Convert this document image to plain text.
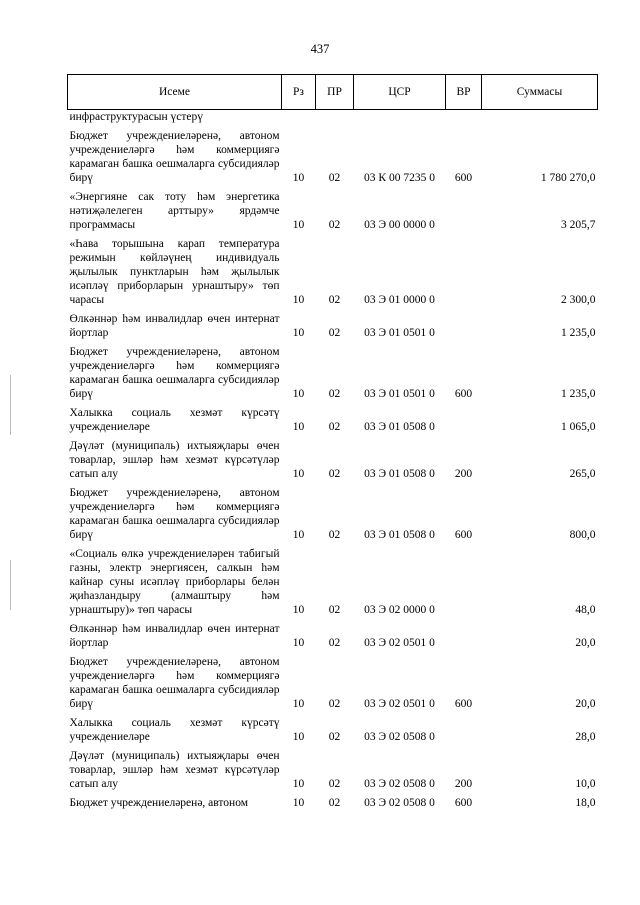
437
Исеме	Рз	ПР	ЦСР	ВР	Суммасы
инфраструктурасын үстерү					
Бюджет учреждениеләренә, автоном учреждениеләргә һәм коммерциягә карамаган башка оешмаларга субсидияләр бирү	10	02	03 К 00 7235 0	600	1 780 270,0
«Энергияне сак тоту һәм энергетика нәтиҗәлелеген арттыру» ярдәмче программасы	10	02	03 Э 00 0000 0		3 205,7
«Һава торышына карап температура режимын көйләүнең индивидуаль җылылык пунктларын һәм җылылык исәпләү приборларын урнаштыру» төп чарасы	10	02	03 Э 01 0000 0		2 300,0
Өлкәннәр һәм инвалидлар өчен интернат йортлар	10	02	03 Э 01 0501 0		1 235,0
Бюджет учреждениеләренә, автоном учреждениеләргә һәм коммерциягә карамаган башка оешмаларга субсидияләр бирү	10	02	03 Э 01 0501 0	600	1 235,0
Халыкка социаль хезмәт күрсәтү учреждениеләре	10	02	03 Э 01 0508 0		1 065,0
Дәүләт (муниципаль) ихтыяҗлары өчен товарлар, эшләр һәм хезмәт күрсәтүләр сатып алу	10	02	03 Э 01 0508 0	200	265,0
Бюджет учреждениеләренә, автоном учреждениеләргә һәм коммерциягә карамаган башка оешмаларга субсидияләр бирү	10	02	03 Э 01 0508 0	600	800,0
«Социаль өлкә учреждениеләрен табигый газны, электр энергиясен, салкын һәм кайнар суны исәпләү приборлары белән җиһазландыру (алмаштыру һәм урнаштыру)» төп чарасы	10	02	03 Э 02 0000 0		48,0
Өлкәннәр һәм инвалидлар өчен интернат йортлар	10	02	03 Э 02 0501 0		20,0
Бюджет учреждениеләренә, автоном учреждениеләргә һәм коммерциягә карамаган башка оешмаларга субсидияләр бирү	10	02	03 Э 02 0501 0	600	20,0
Халыкка социаль хезмәт күрсәтү учреждениеләре	10	02	03 Э 02 0508 0		28,0
Дәүләт (муниципаль) ихтыяҗлары өчен товарлар, эшләр һәм хезмәт күрсәтүләр сатып алу	10	02	03 Э 02 0508 0	200	10,0
Бюджет учреждениеләренә, автоном	10	02	03 Э 02 0508 0	600	18,0
